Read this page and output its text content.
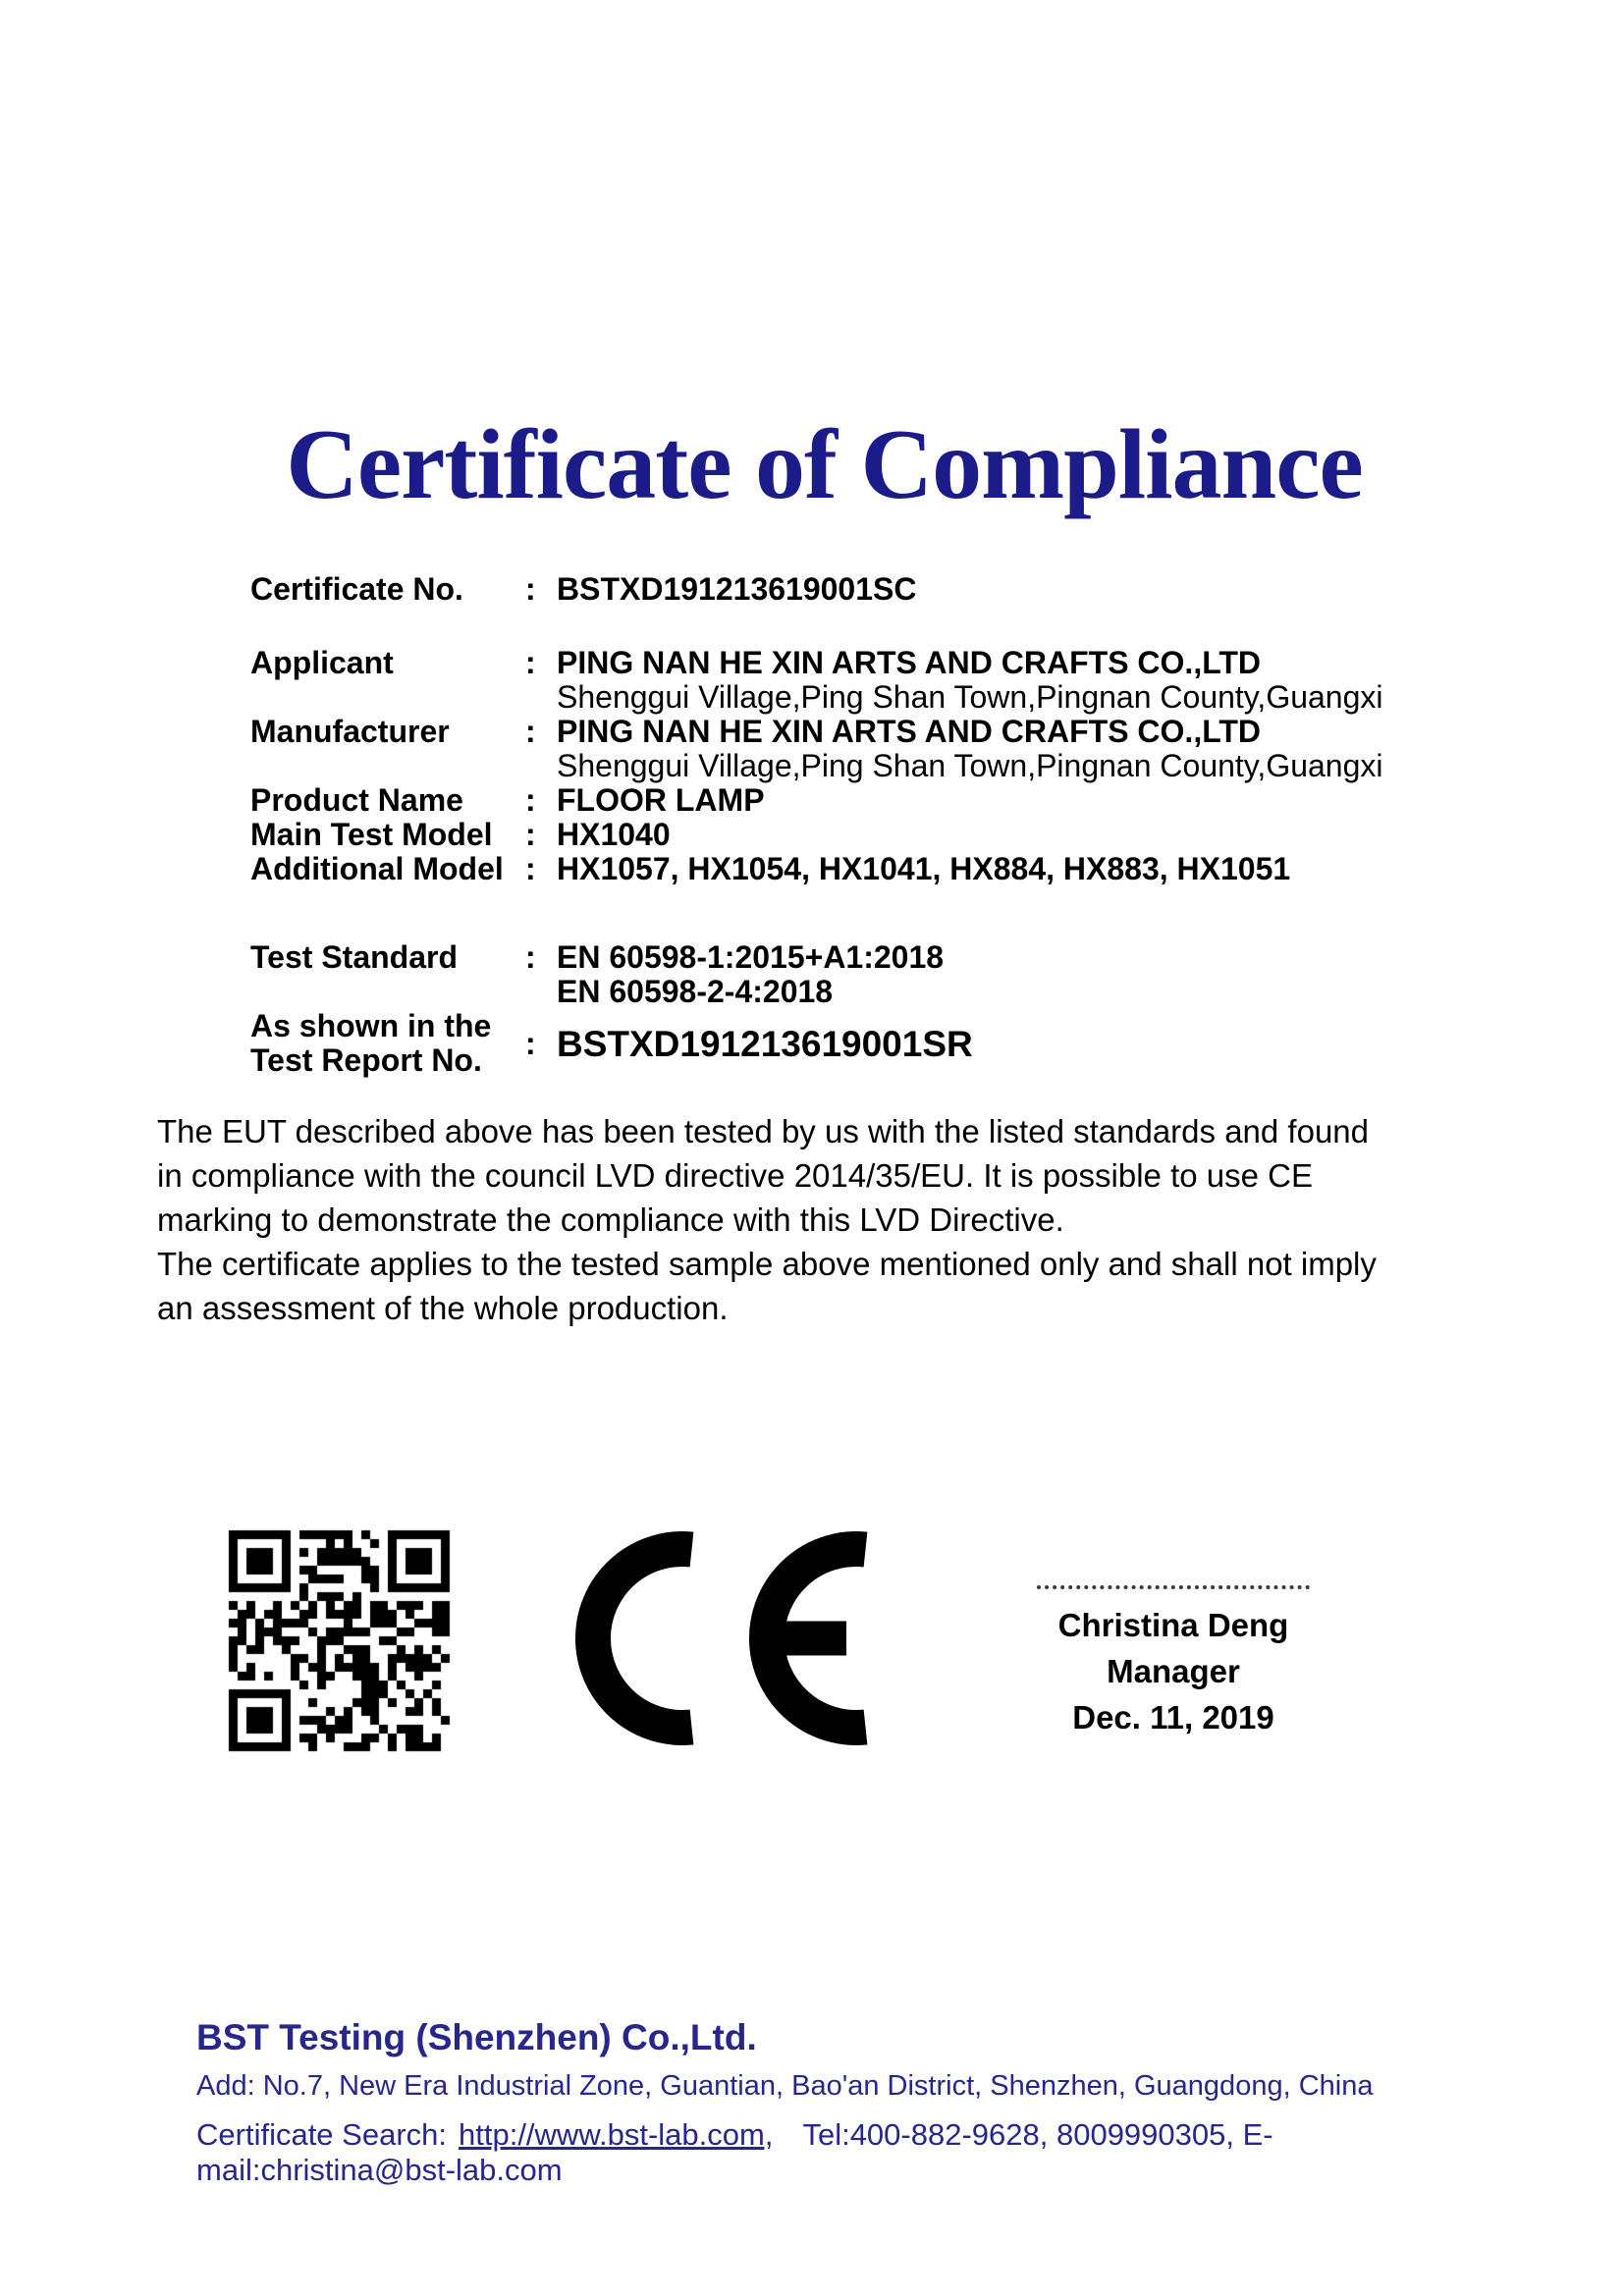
Certificate of Compliance
Certificate No.	: BSTXD191213619001SC
Applicant	: PING NAN HE XIN ARTS AND CRAFTS CO.,LTD
Shenggui Village,Ping Shan Town,Pingnan County,Guangxi
Manufacturer	: PING NAN HE XIN ARTS AND CRAFTS CO.,LTD
Shenggui Village,Ping Shan Town,Pingnan County,Guangxi
Product Name	: FLOOR LAMP
Main Test Model	: HX1040
Additional Model : HX1057, HX1054, HX1041, HX884, HX883, HX1051
Test Standard	: EN 60598-1:2015+A1:2018
EN 60598-2-4:2018
As shown in the
Test Report No.	: BSTXD191213619001SR
The EUT described above has been tested by us with the listed standards and found
in compliance with the council LVD directive 2014/35/EU. It is possible to use CE
marking to demonstrate the compliance with this LVD Directive.
The certificate applies to the tested sample above mentioned only and shall not imply
an assessment of the whole production.
Christina Deng
Manager
Dec. 11, 2019
BST Testing (Shenzhen) Co.,Ltd.
Add: No.7, New Era Industrial Zone, Guantian, Bao'an District, Shenzhen, Guangdong, China
Certificate Search: http://www.bst-lab.com, Tel:400-882-9628, 8009990305, E-mail:christina@bst-lab.com
